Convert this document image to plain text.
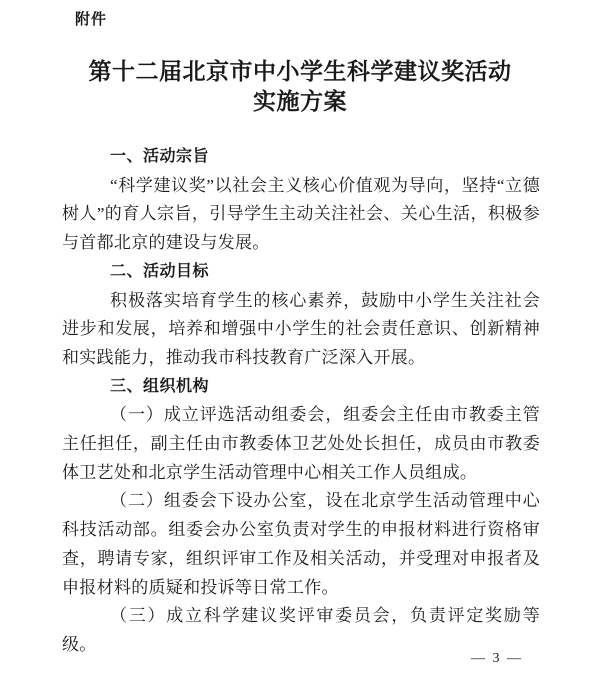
附件
第十二届北京市中小学生科学建议奖活动
实施方案
一、活动宗旨

“科学建议奖”以社会主义核心价值观为导向，坚持“立德树人”的育人宗旨，引导学生主动关注社会、关心生活，积极参与首都北京的建设与发展。

二、活动目标

积极落实培育学生的核心素养，鼓励中小学生关注社会进步和发展，培养和增强中小学生的社会责任意识、创新精神和实践能力，推动我市科技教育广泛深入开展。

三、组织机构

（一）成立评选活动组委会，组委会主任由市教委主管主任担任，副主任由市教委体卫艺处处长担任，成员由市教委体卫艺处和北京学生活动管理中心相关工作人员组成。

（二）组委会下设办公室，设在北京学生活动管理中心科技活动部。组委会办公室负责对学生的申报材料进行资格审查，聘请专家，组织评审工作及相关活动，并受理对申报者及申报材料的质疑和投诉等日常工作。

（三）成立科学建议奖评审委员会，负责评定奖励等级。

— 3 —
